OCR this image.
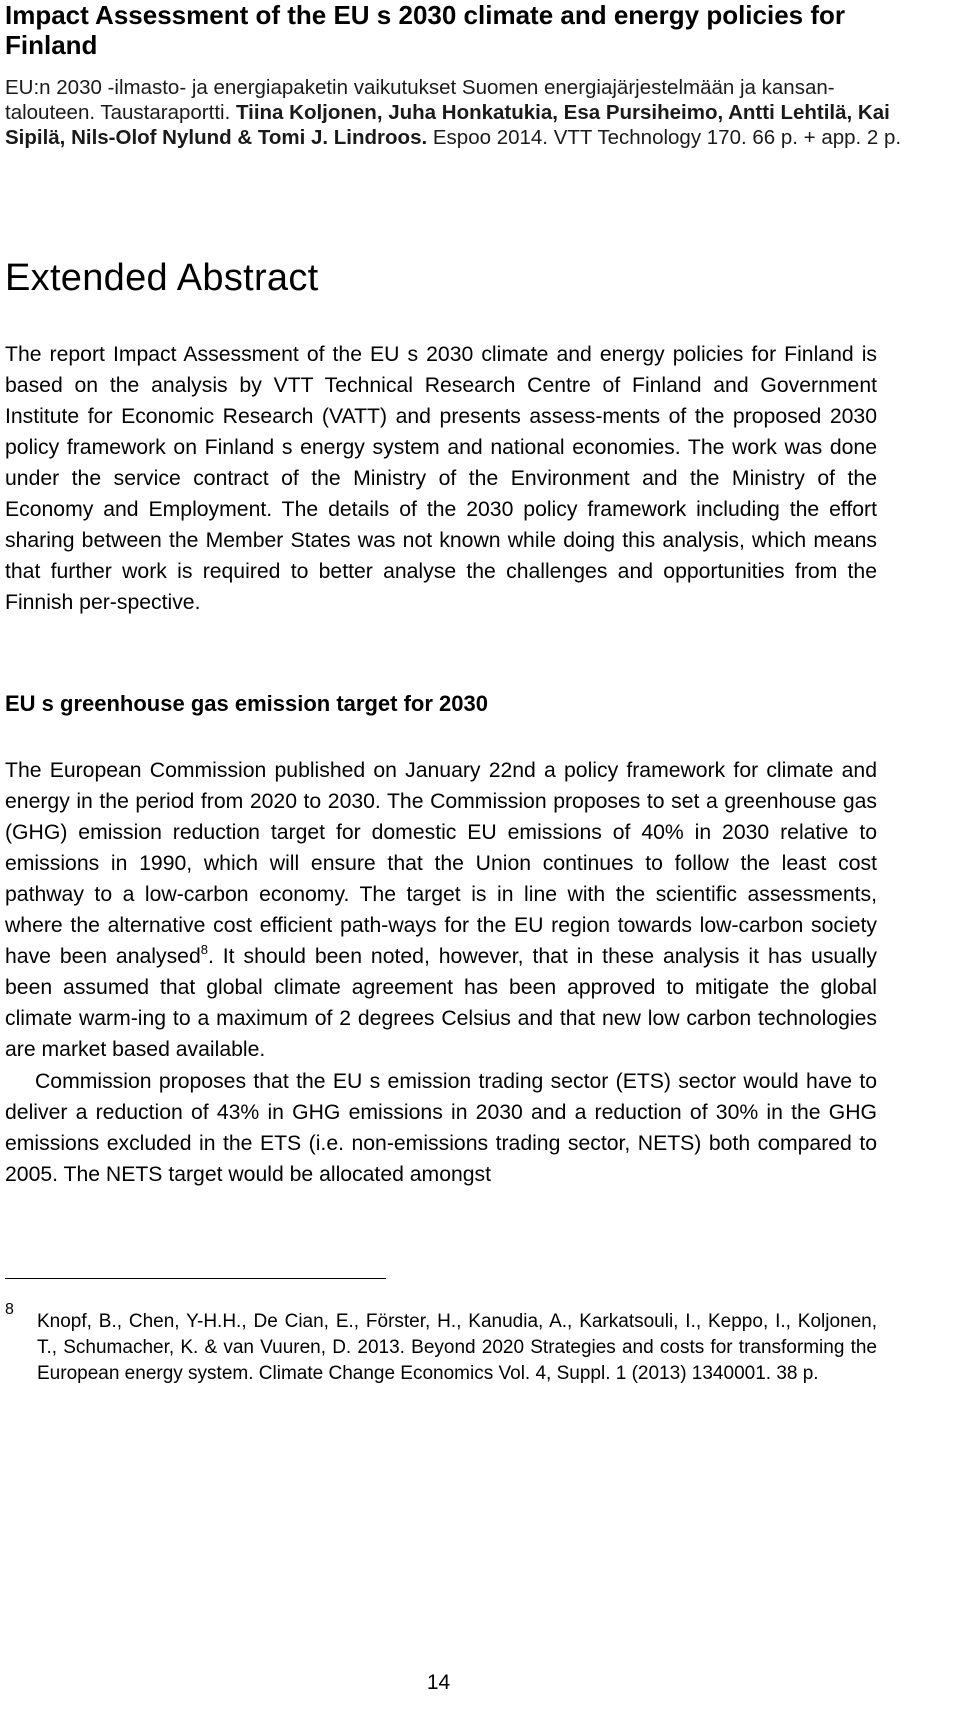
Impact Assessment of the EU s 2030 climate and energy policies for Finland

EU:n 2030 -ilmasto- ja energiapaketin vaikutukset Suomen energiajärjestelmään ja kansan-talouteen. Taustaraportti. Tiina Koljonen, Juha Honkatukia, Esa Pursiheimo, Antti Lehtilä, Kai Sipilä, Nils-Olof Nylund & Tomi J. Lindroos. Espoo 2014. VTT Technology 170. 66 p. + app. 2 p.

Extended Abstract

The report Impact Assessment of the EU s 2030 climate and energy policies for Finland is based on the analysis by VTT Technical Research Centre of Finland and Government Institute for Economic Research (VATT) and presents assess-ments of the proposed 2030 policy framework on Finland s energy system and national economies. The work was done under the service contract of the Ministry of the Environment and the Ministry of the Economy and Employment. The details of the 2030 policy framework including the effort sharing between the Member States was not known while doing this analysis, which means that further work is required to better analyse the challenges and opportunities from the Finnish per-spective.

EU s greenhouse gas emission target for 2030

The European Commission published on January 22nd a policy framework for climate and energy in the period from 2020 to 2030. The Commission proposes to set a greenhouse gas (GHG) emission reduction target for domestic EU emissions of 40% in 2030 relative to emissions in 1990, which will ensure that the Union continues to follow the least cost pathway to a low-carbon economy. The target is in line with the scientific assessments, where the alternative cost efficient path-ways for the EU region towards low-carbon society have been analysed$^8$. It should been noted, however, that in these analysis it has usually been assumed that global climate agreement has been approved to mitigate the global climate warm-ing to a maximum of 2 degrees Celsius and that new low carbon technologies are market based available.

Commission proposes that the EU s emission trading sector (ETS) sector would have to deliver a reduction of 43% in GHG emissions in 2030 and a reduction of 30% in the GHG emissions excluded in the ETS (i.e. non-emissions trading sector, NETS) both compared to 2005. The NETS target would be allocated amongst

8

Knopf, B., Chen, Y-H.H., De Cian, E., Förster, H., Kanudia, A., Karkatsouli, I., Keppo, I., Koljonen, T., Schumacher, K. & van Vuuren, D. 2013. Beyond 2020 Strategies and costs for transforming the European energy system. Climate Change Economics Vol. 4, Suppl. 1 (2013) 1340001. 38 p.

14
